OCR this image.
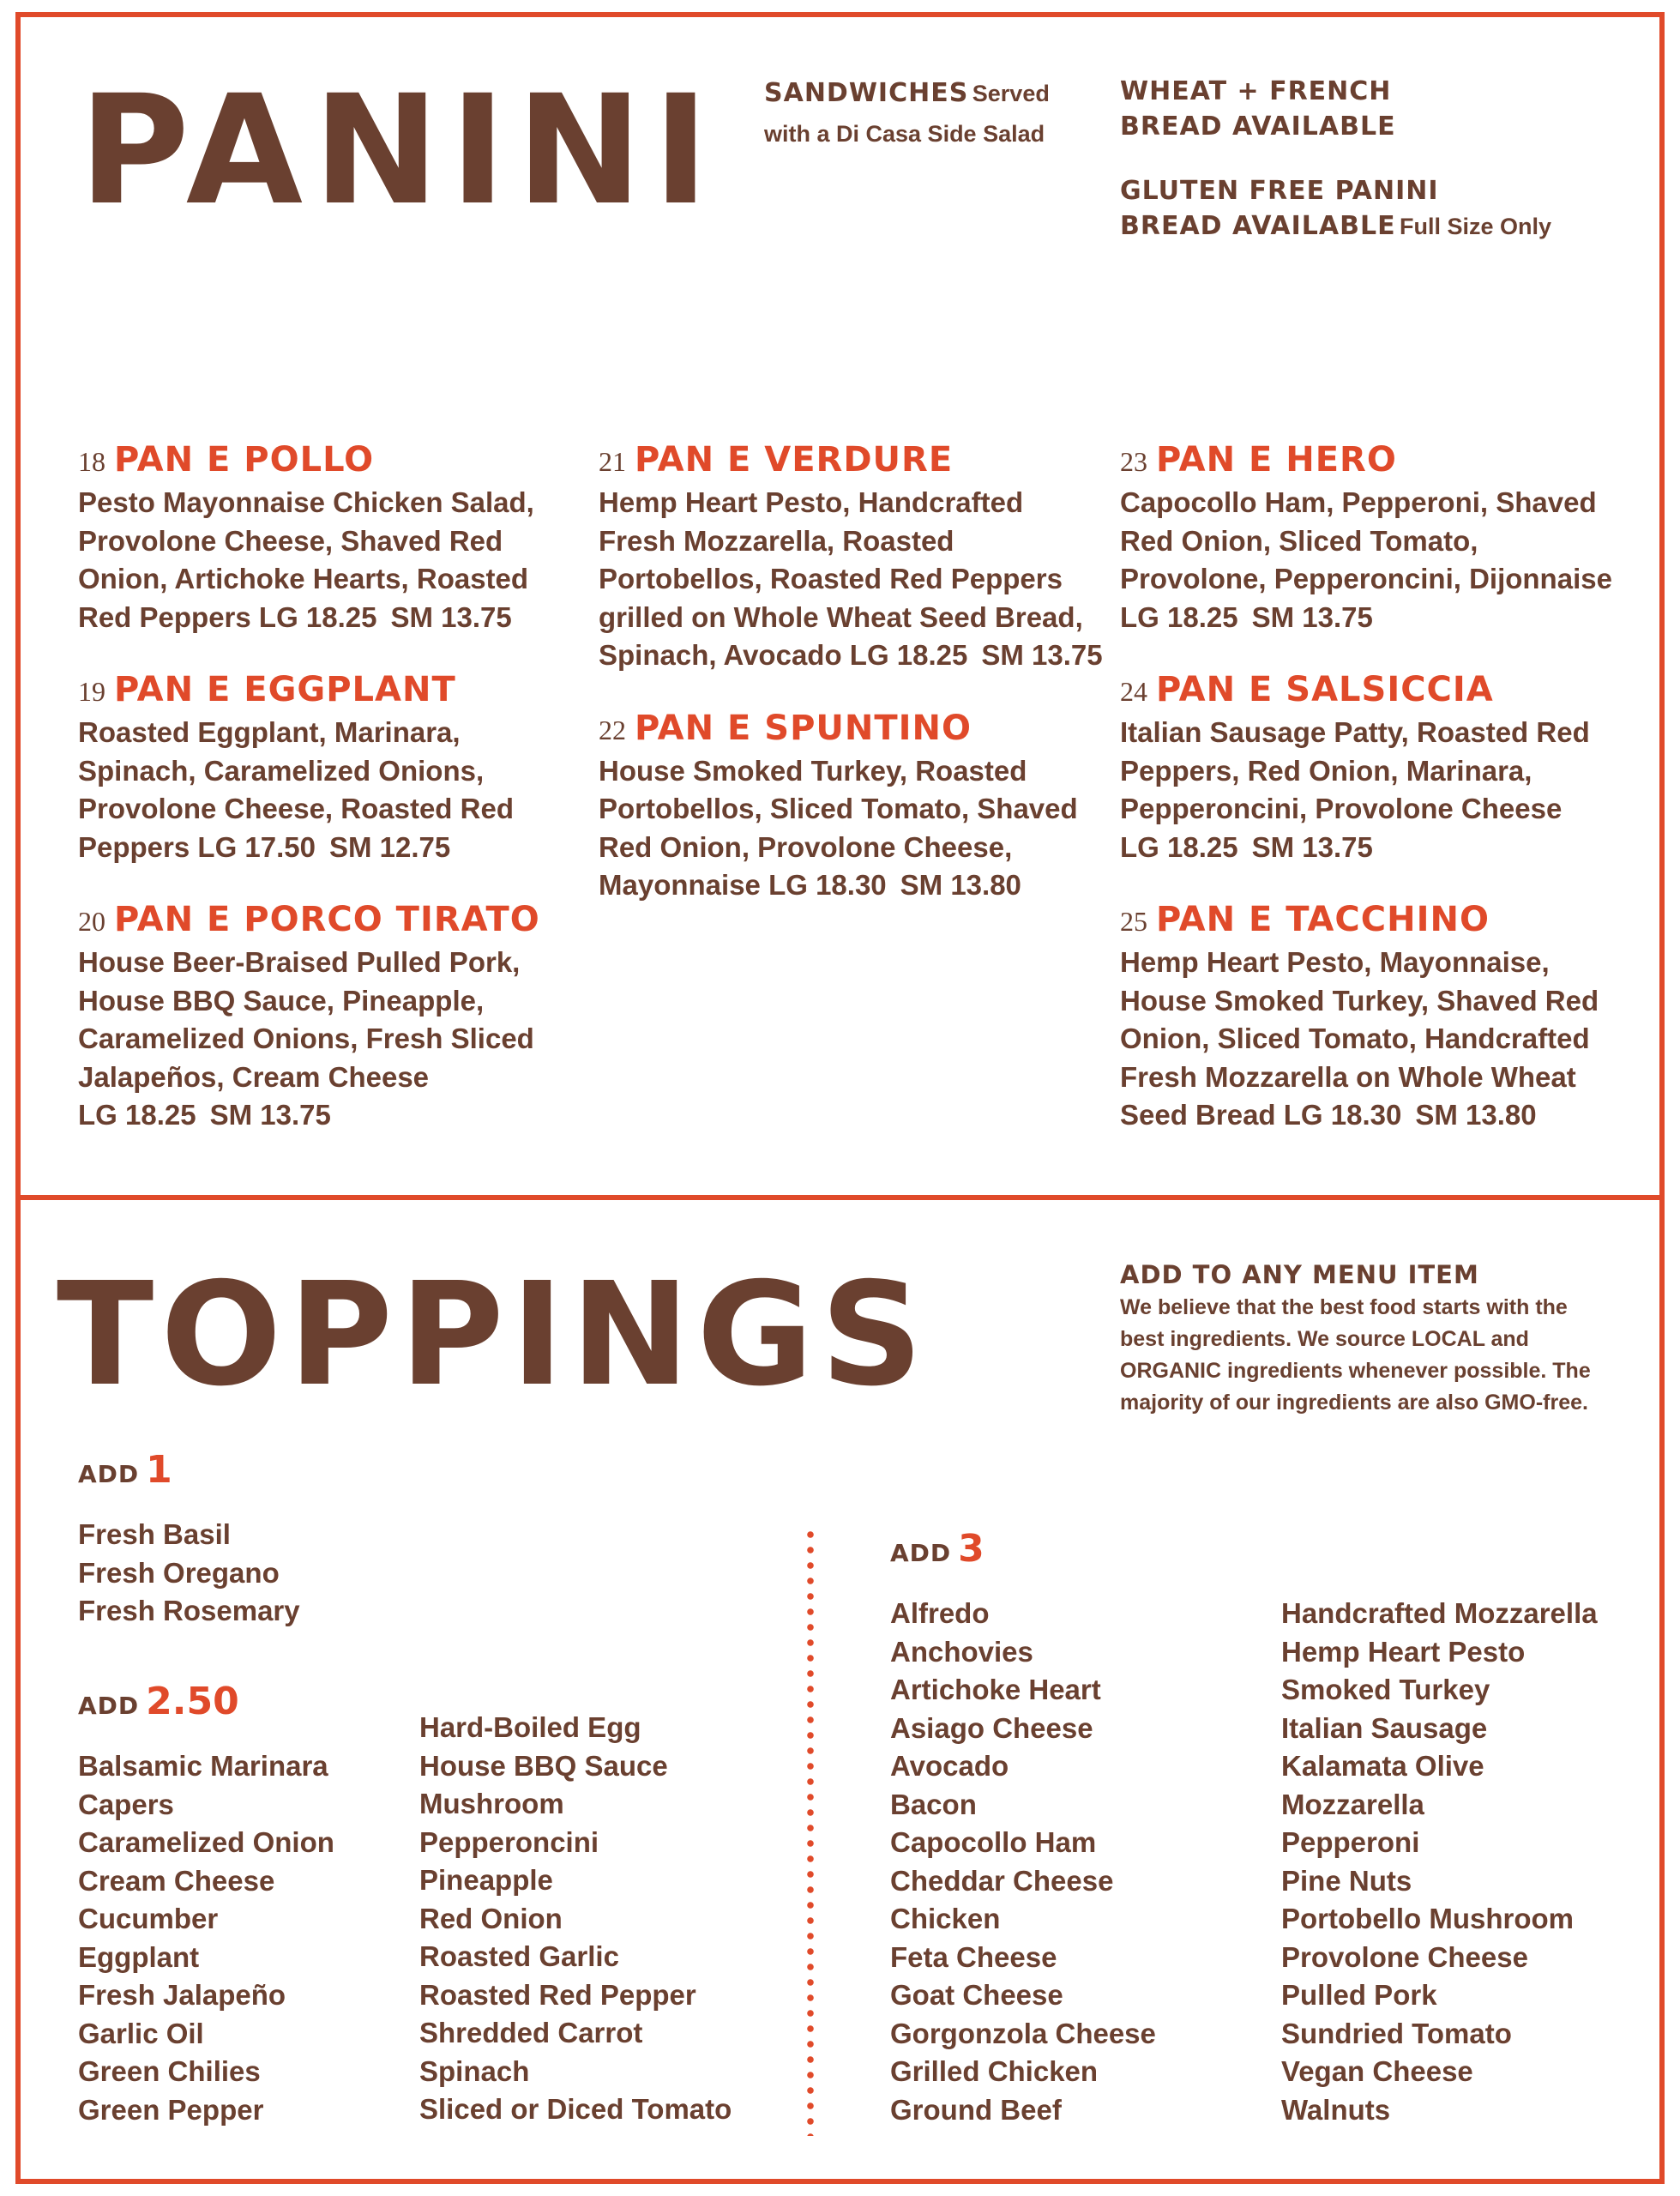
PANINI SANDWICHES Served with a Di Casa Side Salad
WHEAT + FRENCH
BREAD AVAILABLE
GLUTEN FREE PANINI
BREAD AVAILABLE Full Size Only
18 PAN E POLLO
Pesto Mayonnaise Chicken Salad, Provolone Cheese, Shaved Red Onion, Artichoke Hearts, Roasted Red Peppers LG 18.25 SM 13.75
19 PAN E EGGPLANT
Roasted Eggplant, Marinara, Spinach, Caramelized Onions, Provolone Cheese, Roasted Red Peppers LG 17.50 SM 12.75
20 PAN E PORCO TIRATO
House Beer-Braised Pulled Pork, House BBQ Sauce, Pineapple, Caramelized Onions, Fresh Sliced Jalapeños, Cream Cheese LG 18.25 SM 13.75
21 PAN E VERDURE
Hemp Heart Pesto, Handcrafted Fresh Mozzarella, Roasted Portobellos, Roasted Red Peppers grilled on Whole Wheat Seed Bread, Spinach, Avocado LG 18.25 SM 13.75
22 PAN E SPUNTINO
House Smoked Turkey, Roasted Portobellos, Sliced Tomato, Shaved Red Onion, Provolone Cheese, Mayonnaise LG 18.30 SM 13.80
23 PAN E HERO
Capocollo Ham, Pepperoni, Shaved Red Onion, Sliced Tomato, Provolone, Pepperoncini, Dijonnaise LG 18.25 SM 13.75
24 PAN E SALSICCIA
Italian Sausage Patty, Roasted Red Peppers, Red Onion, Marinara, Pepperoncini, Provolone Cheese LG 18.25 SM 13.75
25 PAN E TACCHINO
Hemp Heart Pesto, Mayonnaise, House Smoked Turkey, Shaved Red Onion, Sliced Tomato, Handcrafted Fresh Mozzarella on Whole Wheat Seed Bread LG 18.30 SM 13.80
TOPPINGS	ADD TO ANY MENU ITEM
We believe that the best food starts with the best ingredients. We source LOCAL and ORGANIC ingredients whenever possible. The majority of our ingredients are also GMO-free.
ADD 1
Fresh Basil
Fresh Oregano
Fresh Rosemary
ADD 2.50
Balsamic Marinara
Capers
Caramelized Onion
Cream Cheese
Cucumber
Eggplant
Fresh Jalapeño
Garlic Oil
Green Chilies
Green Pepper
Hard-Boiled Egg
House BBQ Sauce
Mushroom
Pepperoncini
Pineapple
Red Onion
Roasted Garlic
Roasted Red Pepper
Shredded Carrot
Spinach
Sliced or Diced Tomato
ADD 3
Alfredo
Anchovies
Artichoke Heart
Asiago Cheese
Avocado
Bacon
Capocollo Ham
Cheddar Cheese
Chicken
Feta Cheese
Goat Cheese
Gorgonzola Cheese
Grilled Chicken
Ground Beef
Handcrafted Mozzarella
Hemp Heart Pesto
Smoked Turkey
Italian Sausage
Kalamata Olive
Mozzarella
Pepperoni
Pine Nuts
Portobello Mushroom
Provolone Cheese
Pulled Pork
Sundried Tomato
Vegan Cheese
Walnuts
